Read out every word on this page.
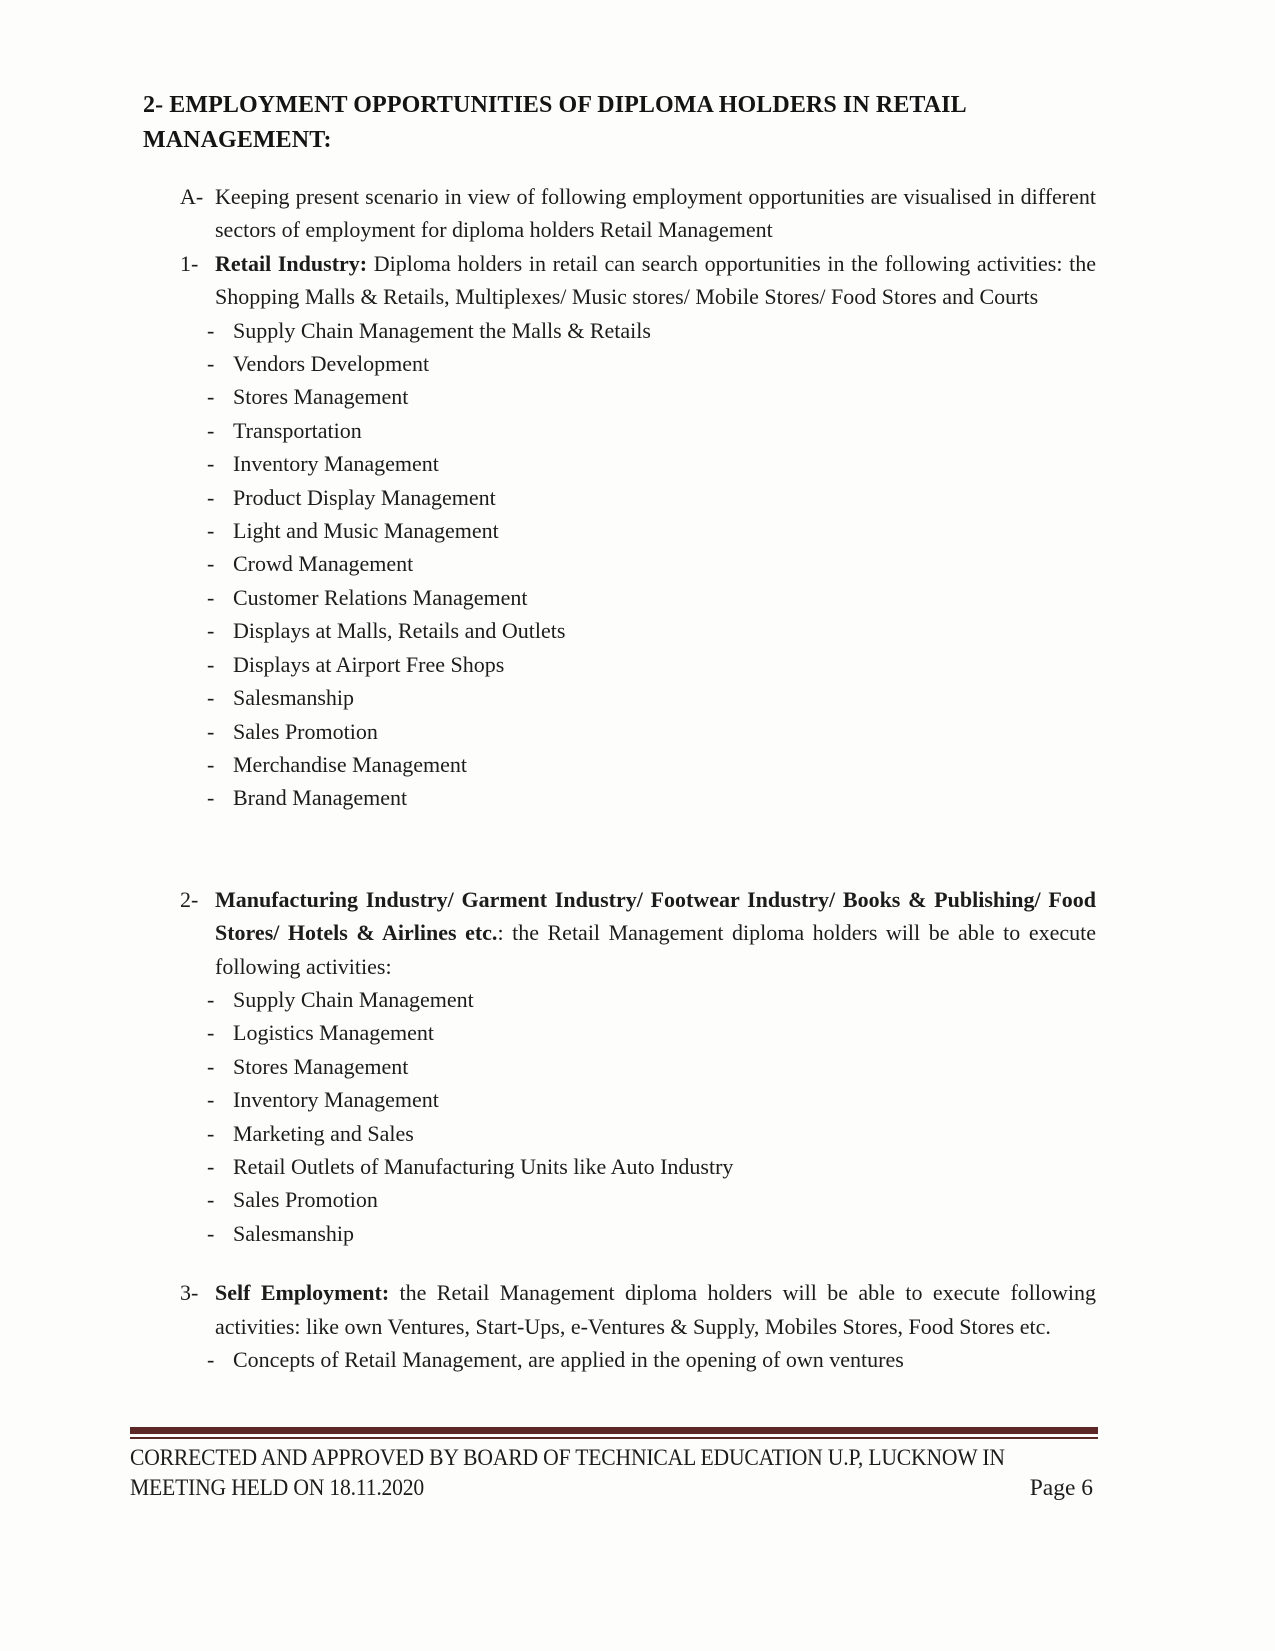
2- EMPLOYMENT OPPORTUNITIES OF DIPLOMA HOLDERS IN RETAIL MANAGEMENT:
A- Keeping present scenario in view of following employment opportunities are visualised in different sectors of employment for diploma holders Retail Management

1- Retail Industry: Diploma holders in retail can search opportunities in the following activities: the Shopping Malls & Retails, Multiplexes/ Music stores/ Mobile Stores/ Food Stores and Courts

- Supply Chain Management the Malls & Retails
- Vendors Development
- Stores Management
- Transportation
- Inventory Management
- Product Display Management
- Light and Music Management
- Crowd Management
- Customer Relations Management
- Displays at Malls, Retails and Outlets
- Displays at Airport Free Shops
- Salesmanship
- Sales Promotion
- Merchandise Management
- Brand Management
2- Manufacturing Industry/ Garment Industry/ Footwear Industry/ Books & Publishing/ Food Stores/ Hotels & Airlines etc.: the Retail Management diploma holders will be able to execute following activities:

- Supply Chain Management
- Logistics Management
- Stores Management
- Inventory Management
- Marketing and Sales
- Retail Outlets of Manufacturing Units like Auto Industry
- Sales Promotion
- Salesmanship
3- Self Employment: the Retail Management diploma holders will be able to execute following activities: like own Ventures, Start-Ups, e-Ventures & Supply, Mobiles Stores, Food Stores etc.

- Concepts of Retail Management, are applied in the opening of own ventures
CORRECTED AND APPROVED BY BOARD OF TECHNICAL EDUCATION U.P, LUCKNOW IN
MEETING HELD ON 18.11.2020	Page 6
